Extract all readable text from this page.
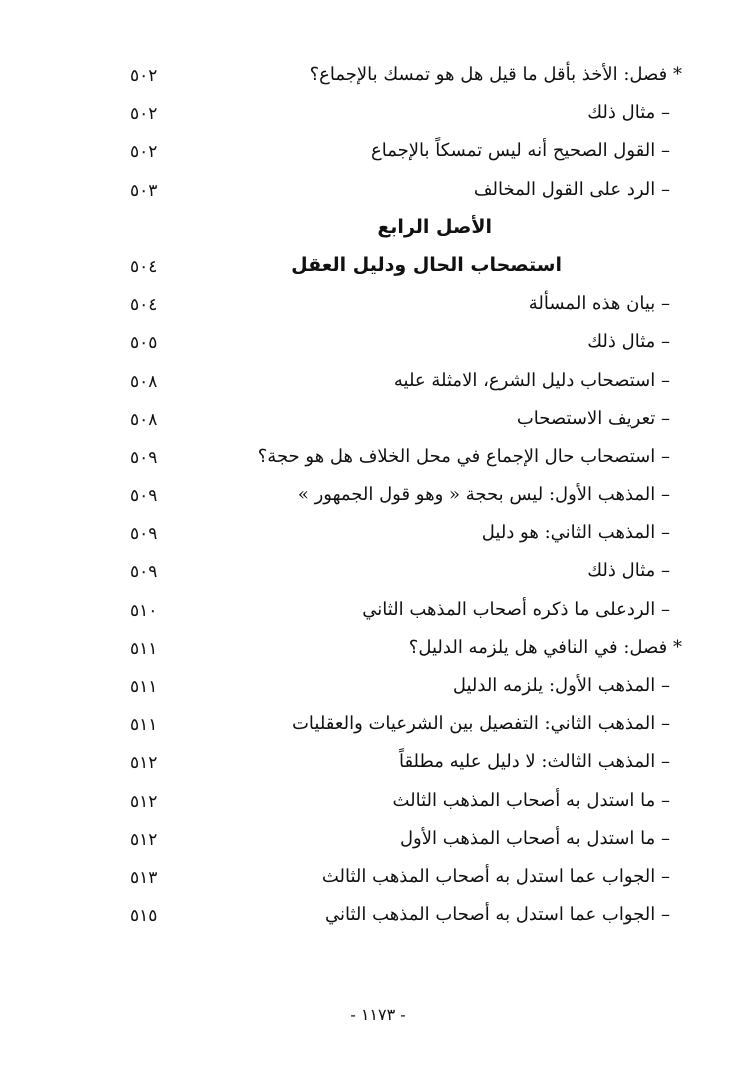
* فصل: الأخذ بأقل ما قيل هل هو تمسك بالإجماع؟
٥٠٢
– مثال ذلك
٥٠٢
– القول الصحيح أنه ليس تمسكاً بالإجماع
٥٠٢
– الرد على القول المخالف
٥٠٣
الأصل الرابع
استصحاب الحال ودليل العقل
٥٠٤
– بيان هذه المسألة
٥٠٤
– مثال ذلك
٥٠٥
– استصحاب دليل الشرع، الامثلة عليه
٥٠٨
– تعريف الاستصحاب
٥٠٨
– استصحاب حال الإجماع في محل الخلاف هل هو حجة؟
٥٠٩
– المذهب الأول: ليس بحجة « وهو قول الجمهور »
٥٠٩
– المذهب الثاني: هو دليل
٥٠٩
– مثال ذلك
٥٠٩
– الردعلى ما ذكره أصحاب المذهب الثاني
٥١٠
* فصل: في النافي هل يلزمه الدليل؟
٥١١
– المذهب الأول: يلزمه الدليل
٥١١
– المذهب الثاني: التفصيل بين الشرعيات والعقليات
٥١١
– المذهب الثالث: لا دليل عليه مطلقاً
٥١٢
– ما استدل به أصحاب المذهب الثالث
٥١٢
– ما استدل به أصحاب المذهب الأول
٥١٢
– الجواب عما استدل به أصحاب المذهب الثالث
٥١٣
– الجواب عما استدل به أصحاب المذهب الثاني
٥١٥
- ١١٧٣ -
